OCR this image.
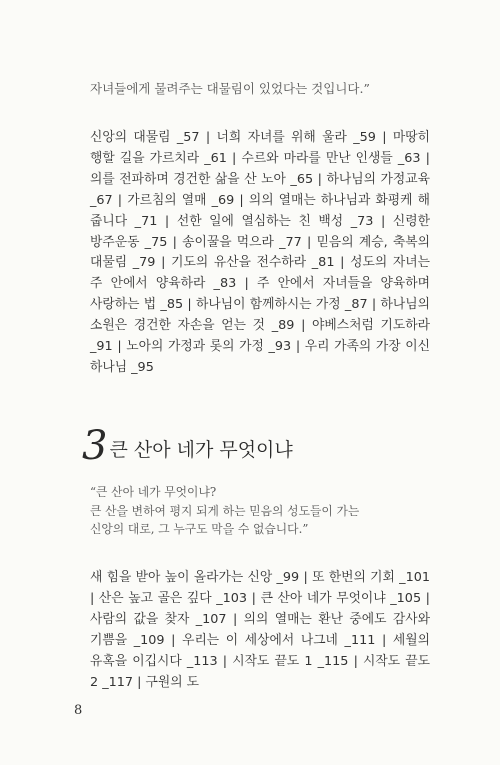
자녀들에게 물려주는 대물림이 있었다는 것입니다.”
신앙의 대물림 _57 | 너희 자녀를 위해 울라 _59 | 마땅히 행할 길을 가르치라 _61 | 수르와 마라를 만난 인생들 _63 | 의를 전파하며 경건한 삶을 산 노아 _65 | 하나님의 가정교육 _67 | 가르침의 열매 _69 | 의의 열매는 하나님과 화평케 해 줍니다 _71 | 선한 일에 열심하는 친 백성 _73 | 신령한 방주운동 _75 | 송이꿀을 먹으라 _77 | 믿음의 계승, 축복의 대물림 _79 | 기도의 유산을 전수하라 _81 | 성도의 자녀는 주 안에서 양육하라 _83 | 주 안에서 자녀들을 양육하며 사랑하는 법 _85 | 하나님이 함께하시는 가정 _87 | 하나님의 소원은 경건한 자손을 얻는 것 _89 | 야베스처럼 기도하라 _91 | 노아의 가정과 롯의 가정 _93 | 우리 가족의 가장 이신 하나님 _95
3 큰 산아 네가 무엇이냐
“큰 산아 네가 무엇이냐?
큰 산을 변하여 평지 되게 하는 믿음의 성도들이 가는
신앙의 대로, 그 누구도 막을 수 없습니다.”
새 힘을 받아 높이 올라가는 신앙 _99 | 또 한번의 기회 _101 | 산은 높고 골은 깊다 _103 | 큰 산아 네가 무엇이냐 _105 | 사람의 값을 찾자 _107 | 의의 열매는 환난 중에도 감사와 기쁨을 _109 | 우리는 이 세상에서 나그네 _111 | 세월의 유혹을 이깁시다 _113 | 시작도 끝도 1 _115 | 시작도 끝도 2 _117 | 구원의 도
8
